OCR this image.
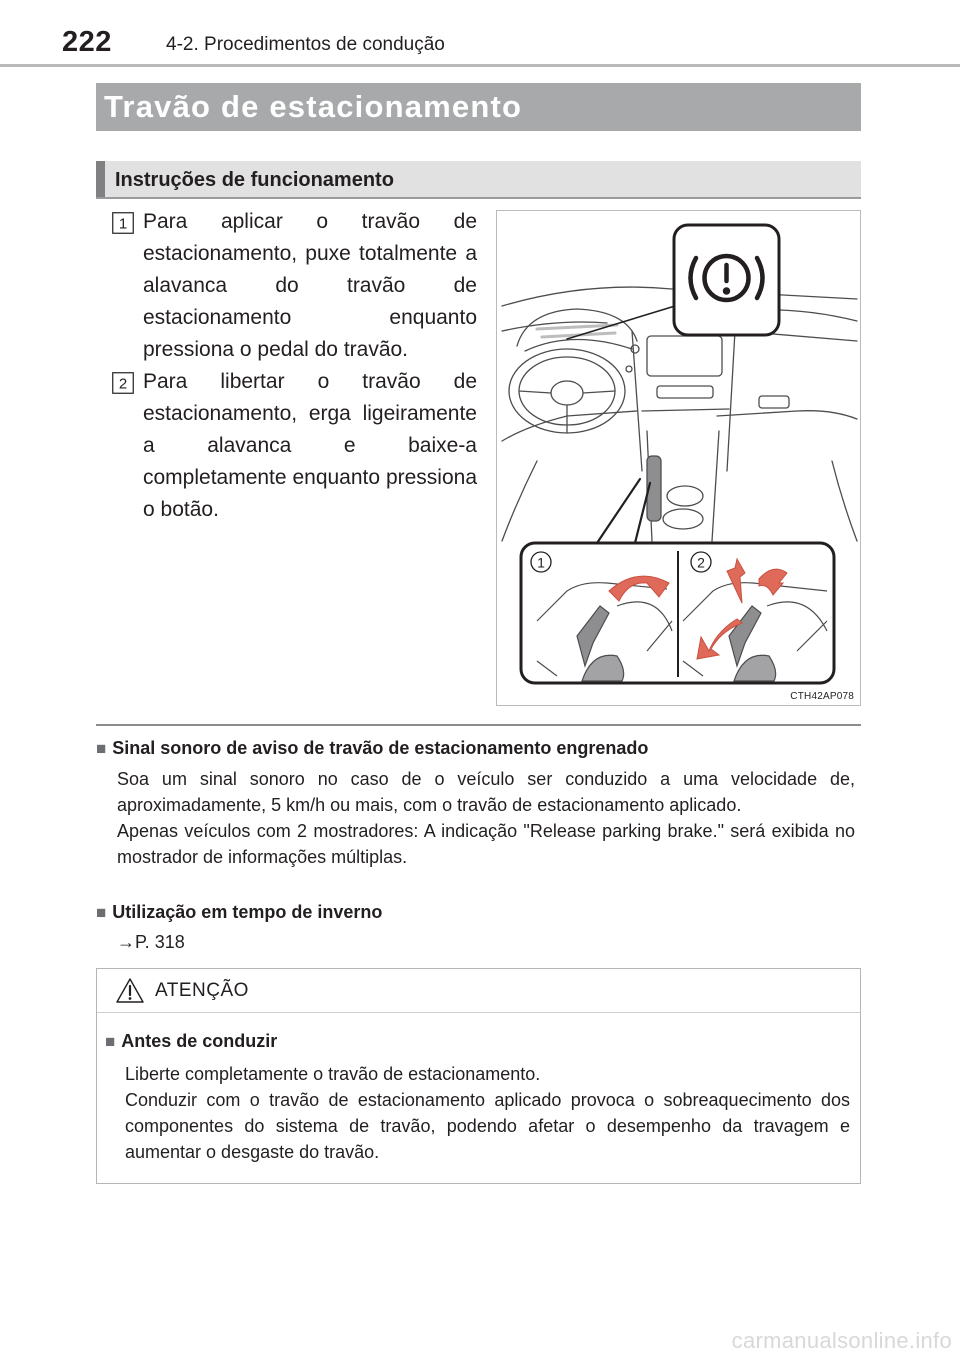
222	4-2. Procedimentos de condução
Travão de estacionamento
Instruções de funcionamento
1 Para aplicar o travão de estacionamento, puxe totalmente a alavanca do travão de estacionamento enquanto pressiona o pedal do travão.
2 Para libertar o travão de estacionamento, erga ligeiramente a alavanca e baixe-a completamente enquanto pressiona o botão.
1	2
CTH42AP078
■ Sinal sonoro de aviso de travão de estacionamento engrenado

Soa um sinal sonoro no caso de o veículo ser conduzido a uma velocidade de, aproximadamente, 5 km/h ou mais, com o travão de estacionamento aplicado.

Apenas veículos com 2 mostradores: A indicação "Release parking brake." será exibida no mostrador de informações múltiplas.

■ Utilização em tempo de inverno

→P. 318

ATENÇÃO
■ Antes de conduzir

Liberte completamente o travão de estacionamento.

Conduzir com o travão de estacionamento aplicado provoca o sobreaquecimento dos componentes do sistema de travão, podendo afetar o desempenho da travagem e aumentar o desgaste do travão.

carmanualsonline.info
